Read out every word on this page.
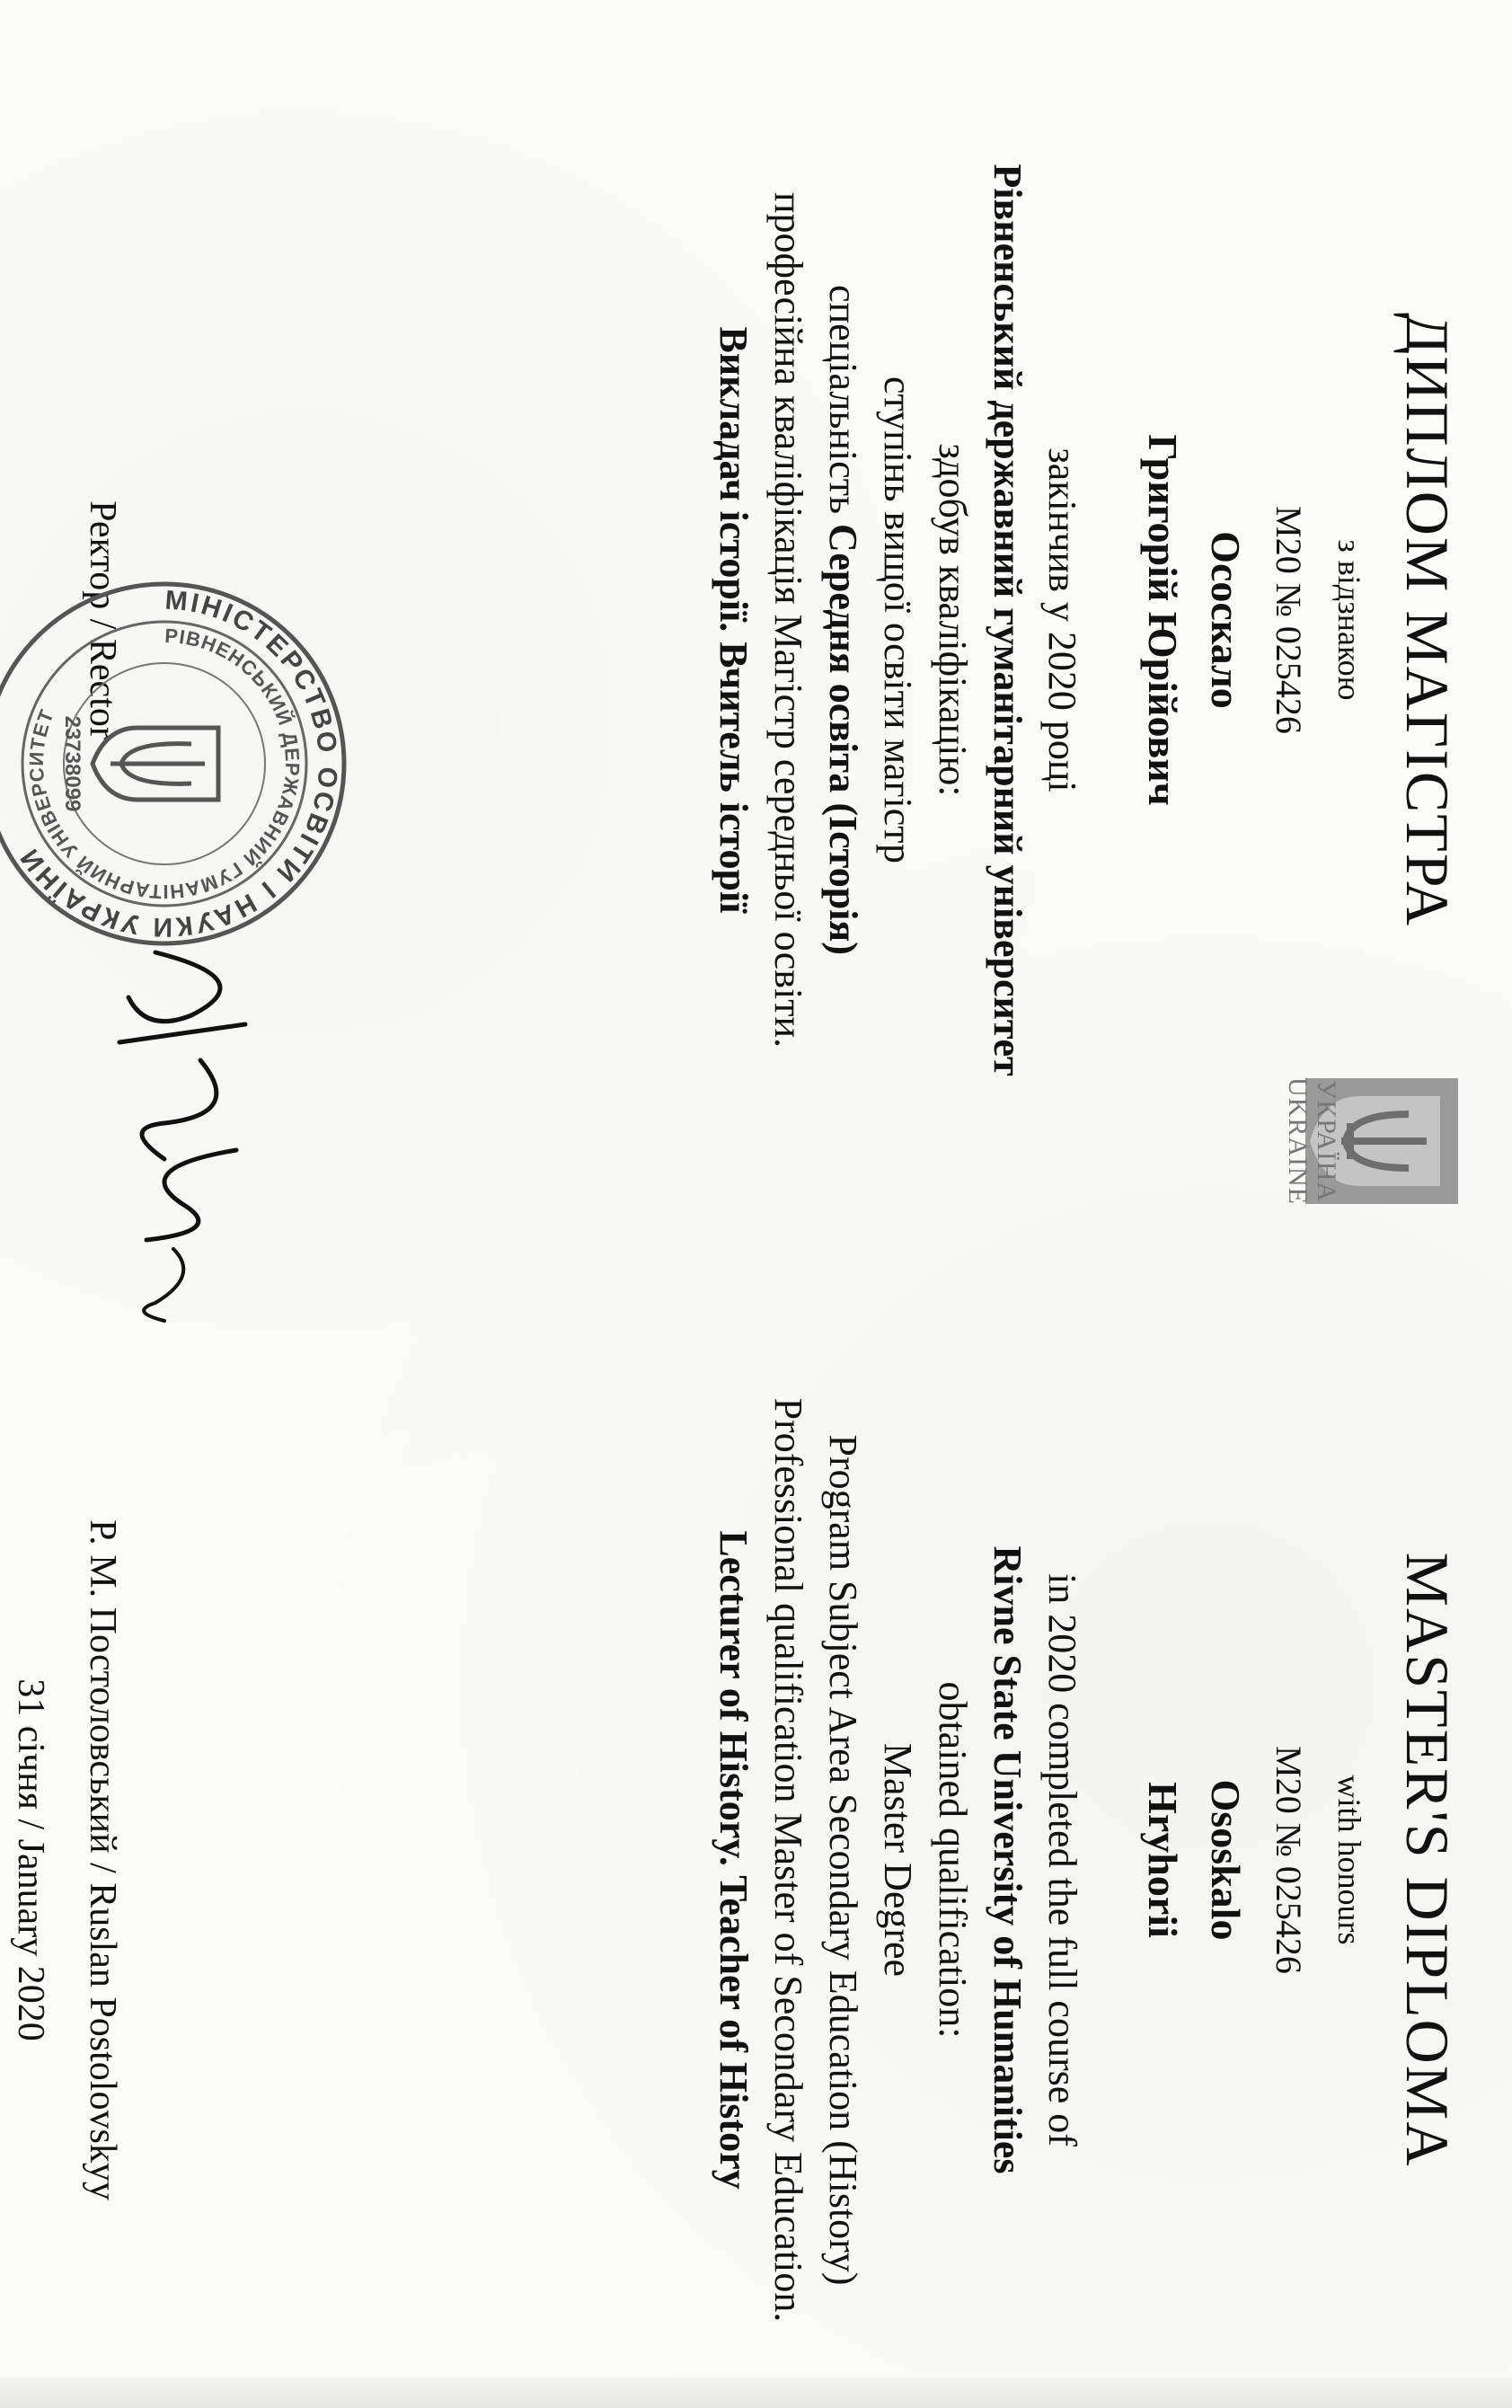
ДИПЛОМ МАГІСТРА
з відзнакою
M20 № 025426
Ососкало
Григорій Юрійович
закінчив у 2020 році
Рівненський державний гуманітарний університет
здобув кваліфікацію:
ступінь вищої освіти магістр
спеціальність Середня освіта (Історія)
професійна кваліфікація Магістр середньої освіти.
Викладач історії. Вчитель історії
Ректор / Rector
УКРАЇНА
UKRAINE
MASTER'S DIPLOMA
with honours
M20 № 025426
Ososkalo
Hryhorii
in 2020 completed the full course of
Rivne State University of Humanities
obtained qualification:
Master Degree
Program Subject Area Secondary Education (History)
Professional qualification Master of Secondary Education.
Lecturer of History. Teacher of History
Р. М. Постоловський / Ruslan Postolovskyy
31 січня / January 2020
МІНІСТЕРСТВО ОСВІТИ І НАУКИ УКРАЇНИ
РІВНЕНСЬКИЙ ДЕРЖАВНИЙ ГУМАНІТАРНИЙ УНІВЕРСИТЕТ 23738099
